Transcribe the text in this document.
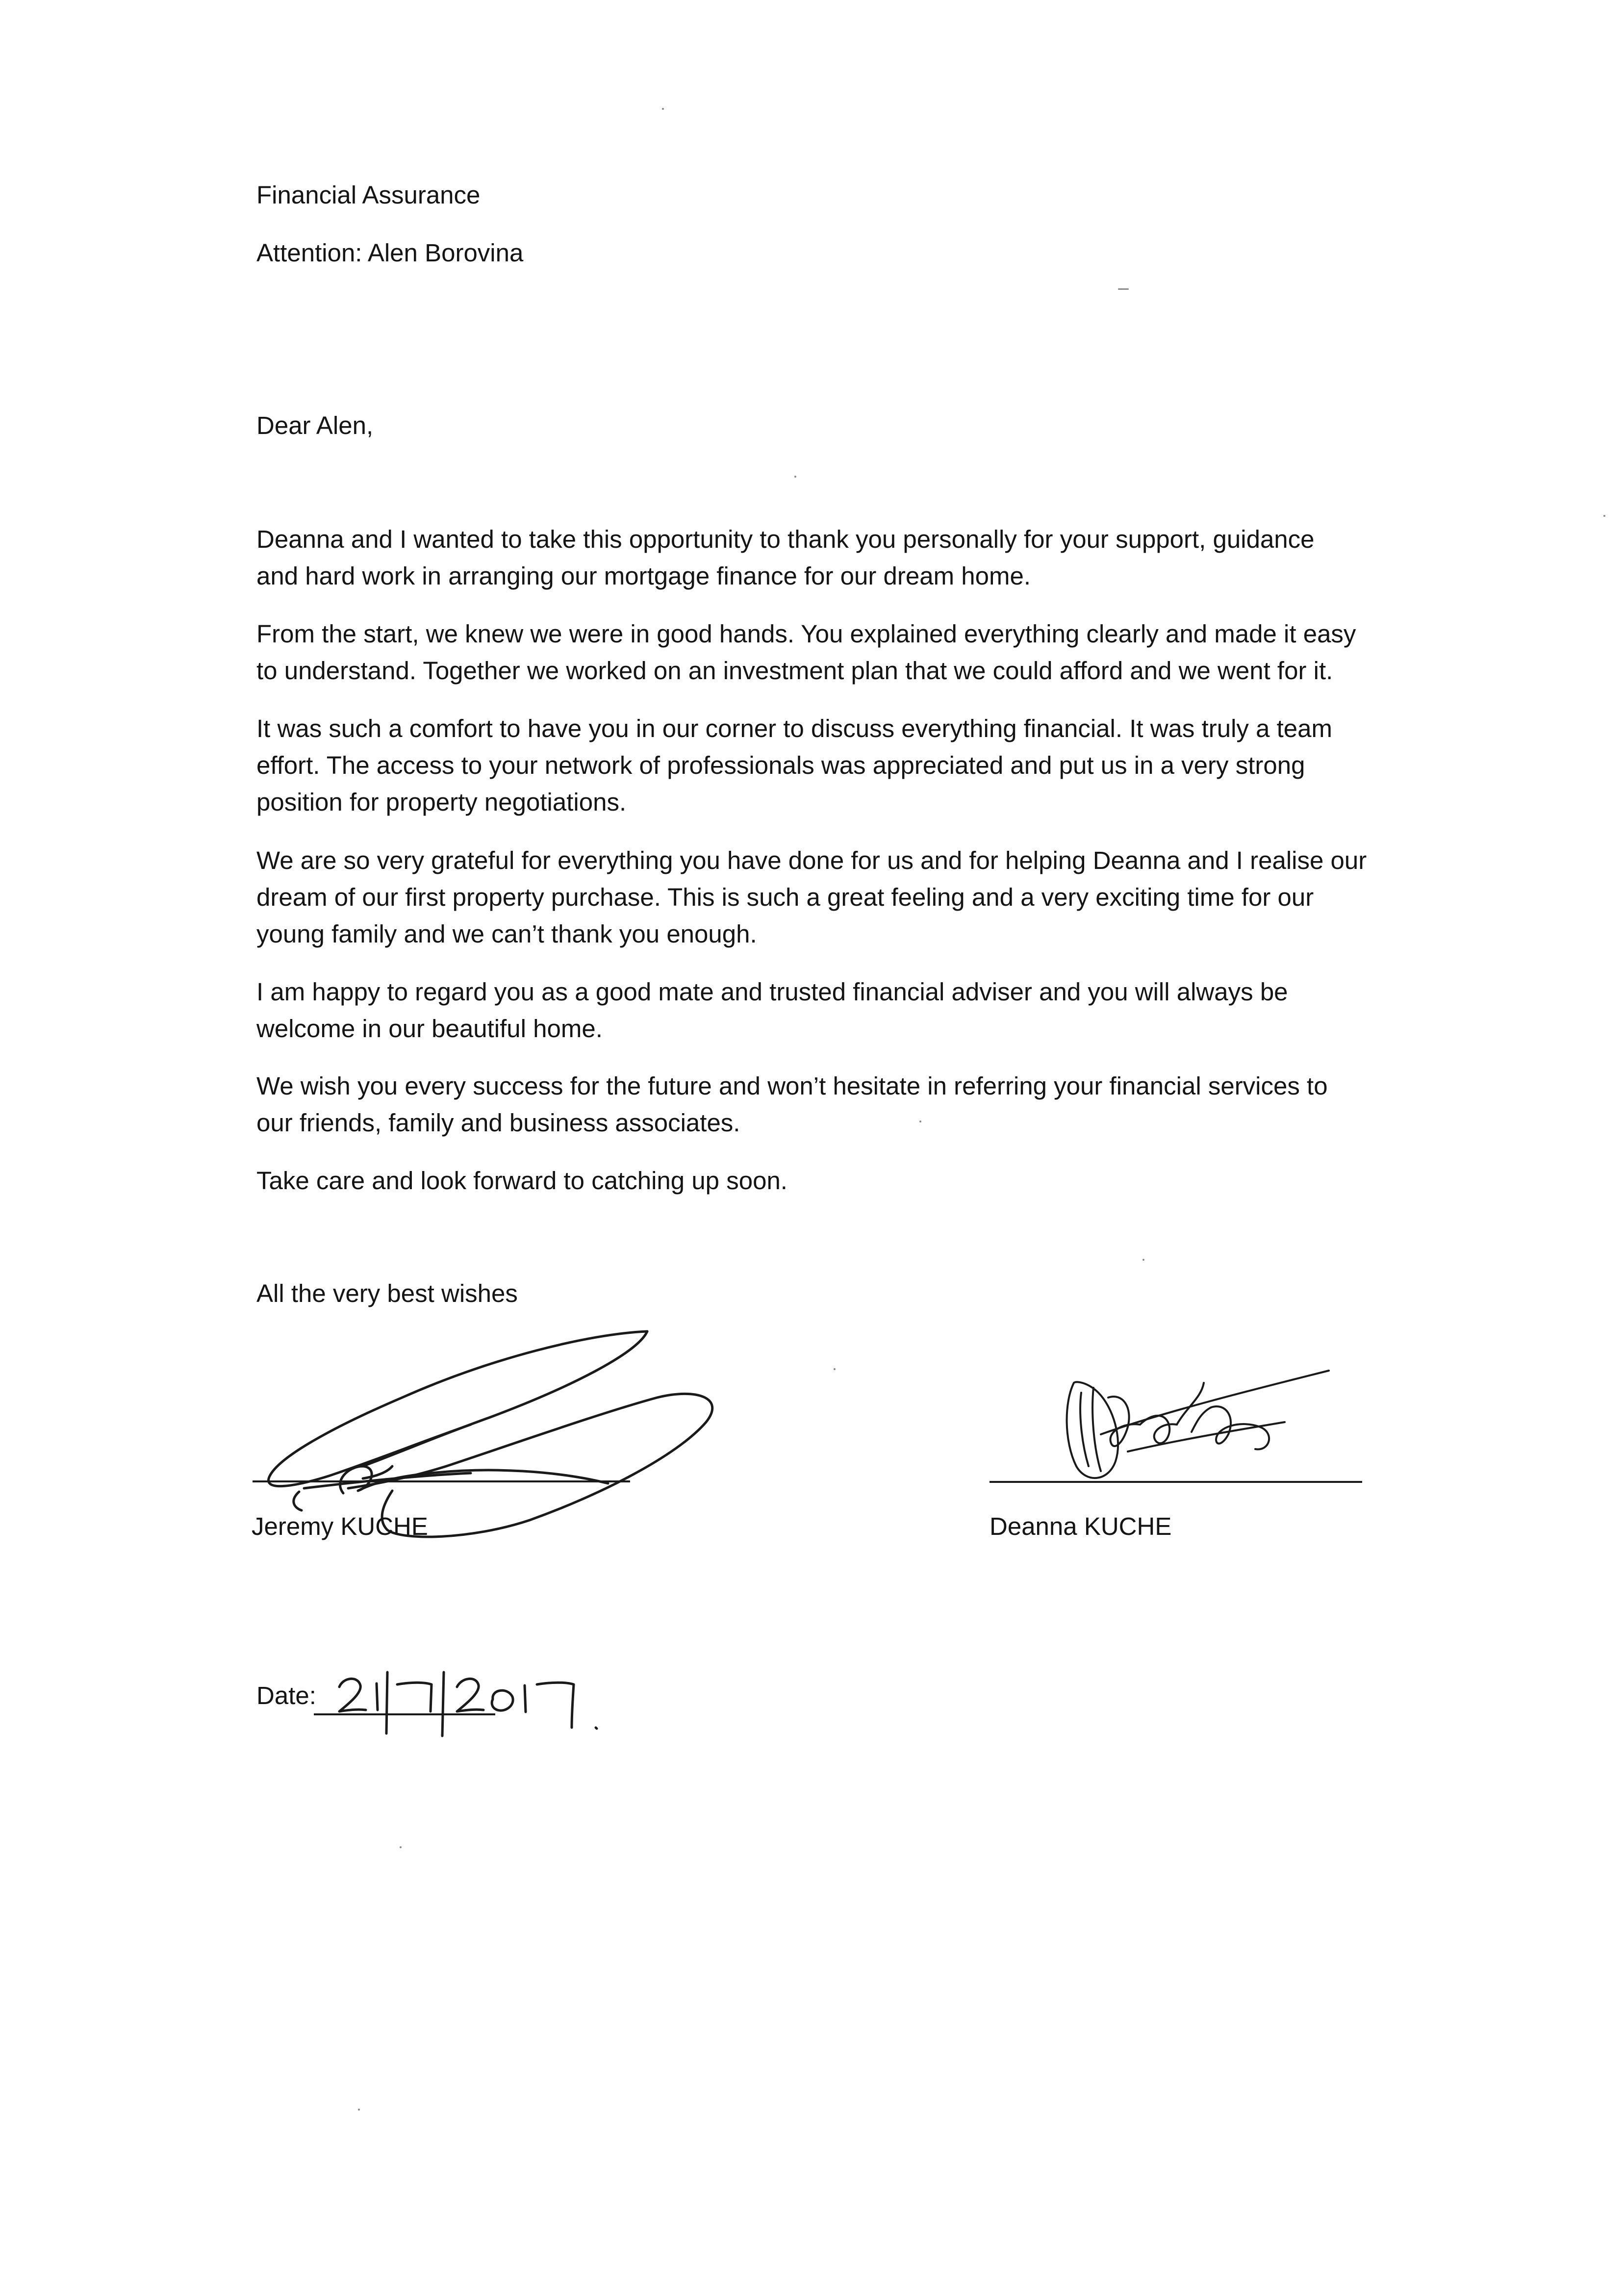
Financial Assurance
Attention: Alen Borovina
Dear Alen,
Deanna and I wanted to take this opportunity to thank you personally for your support, guidance
and hard work in arranging our mortgage finance for our dream home.
From the start, we knew we were in good hands. You explained everything clearly and made it easy
to understand. Together we worked on an investment plan that we could afford and we went for it.
It was such a comfort to have you in our corner to discuss everything financial. It was truly a team
effort. The access to your network of professionals was appreciated and put us in a very strong
position for property negotiations.
We are so very grateful for everything you have done for us and for helping Deanna and I realise our
dream of our first property purchase. This is such a great feeling and a very exciting time for our
young family and we can’t thank you enough.
I am happy to regard you as a good mate and trusted financial adviser and you will always be
welcome in our beautiful home.
We wish you every success for the future and won’t hesitate in referring your financial services to
our friends, family and business associates.
Take care and look forward to catching up soon.
All the very best wishes
Jeremy KUCHE	Deanna KUCHE
Date:
